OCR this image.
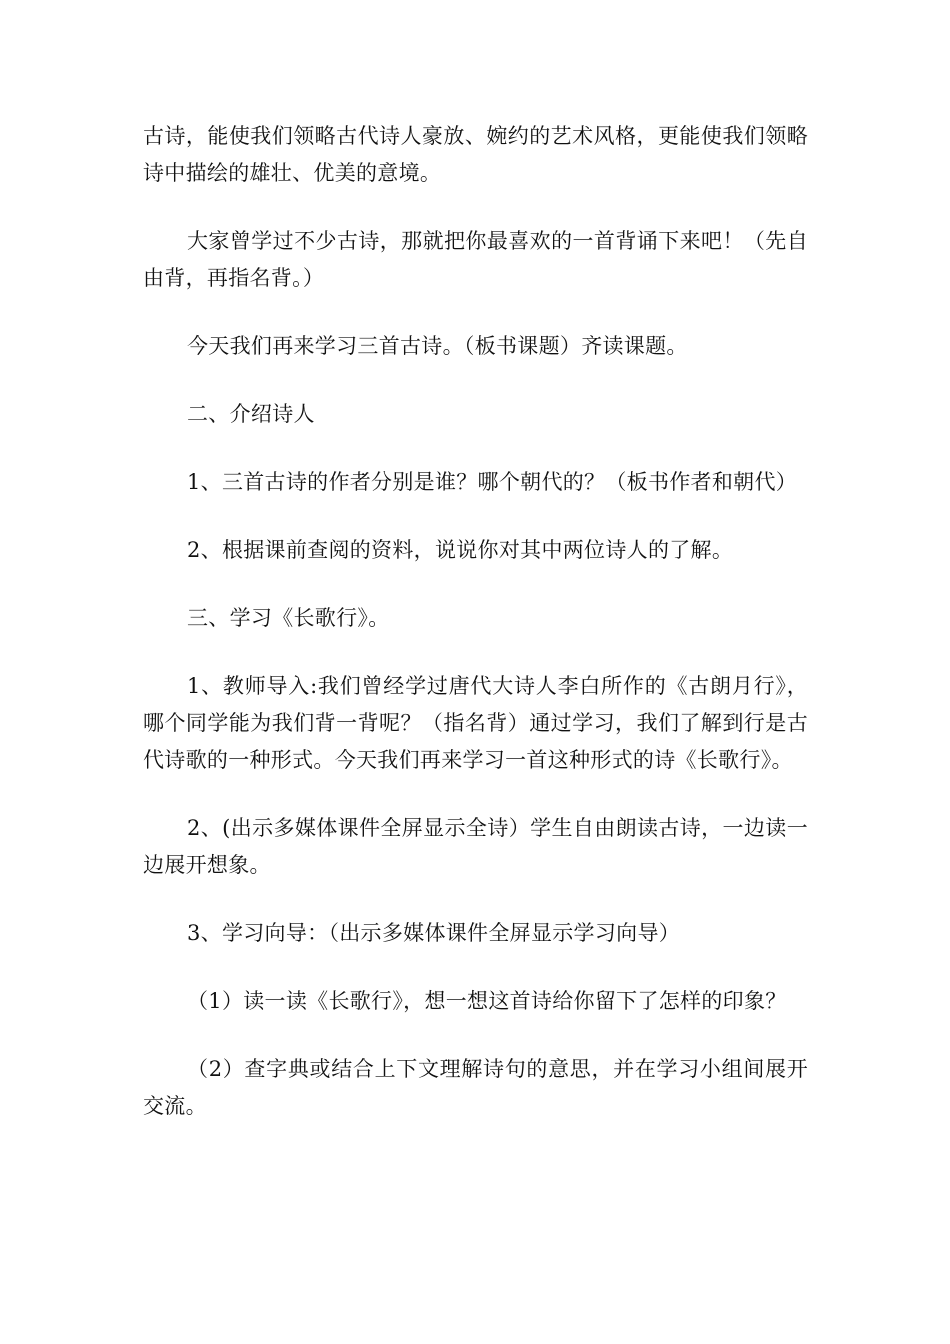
古诗，能使我们领略古代诗人豪放、婉约的艺术风格，更能使我们领略诗中描绘的雄壮、优美的意境。

大家曾学过不少古诗，那就把你最喜欢的一首背诵下来吧！（先自由背，再指名背。）

今天我们再来学习三首古诗。（板书课题）齐读课题。

二、介绍诗人

1、三首古诗的作者分别是谁？哪个朝代的？（板书作者和朝代）

2、根据课前查阅的资料，说说你对其中两位诗人的了解。

三、学习《长歌行》。

1、教师导入:我们曾经学过唐代大诗人李白所作的《古朗月行》，哪个同学能为我们背一背呢？（指名背）通过学习，我们了解到行是古代诗歌的一种形式。今天我们再来学习一首这种形式的诗《长歌行》。

2、(出示多媒体课件全屏显示全诗）学生自由朗读古诗，一边读一边展开想象。

3、学习向导：（出示多媒体课件全屏显示学习向导）

（1）读一读《长歌行》，想一想这首诗给你留下了怎样的印象？

（2）查字典或结合上下文理解诗句的意思，并在学习小组间展开交流。
